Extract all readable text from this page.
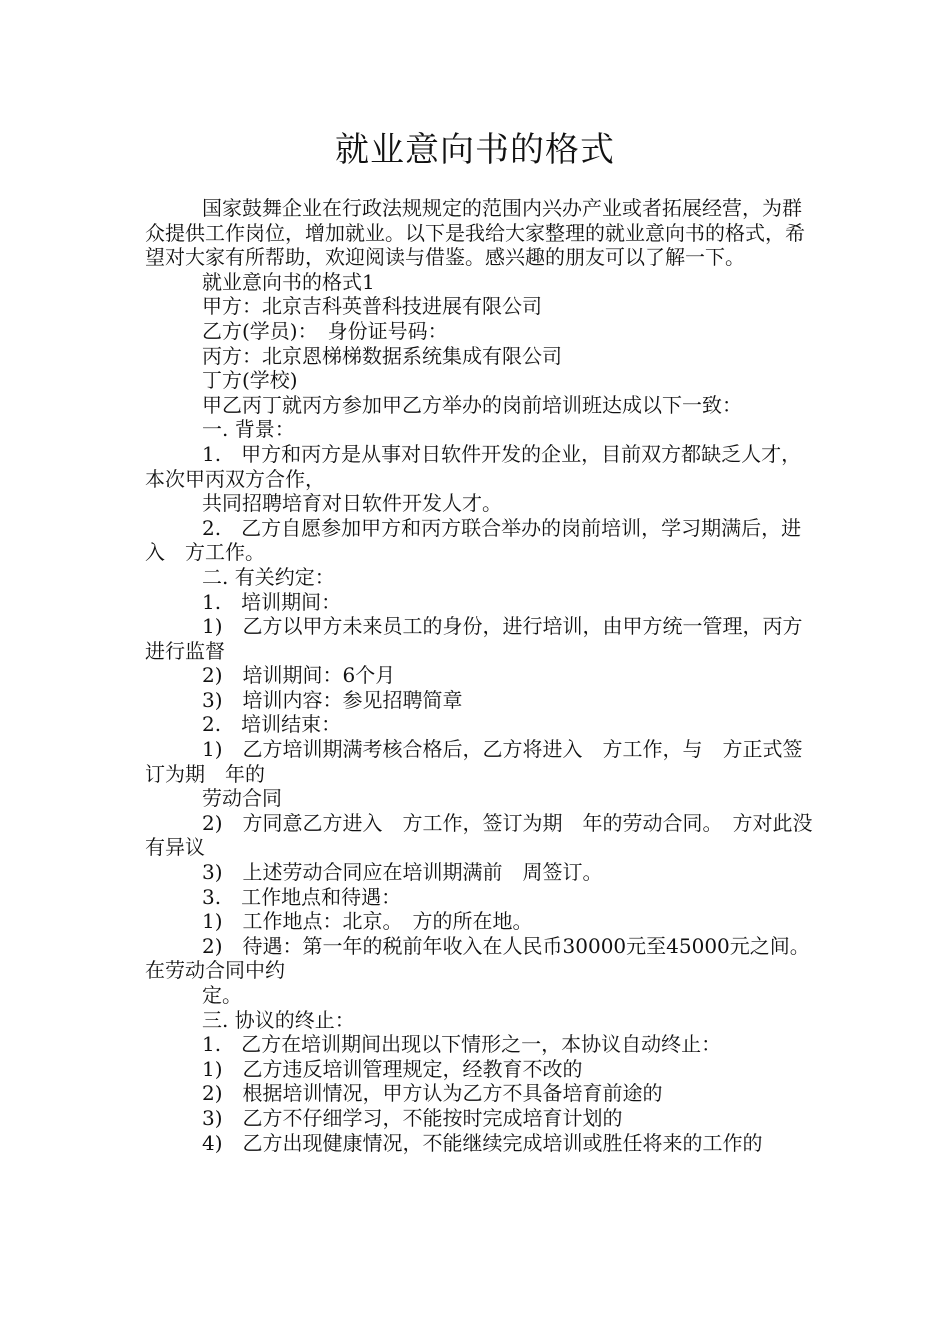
就业意向书的格式

国家鼓舞企业在行政法规规定的范围内兴办产业或者拓展经营，为群众提供工作岗位，增加就业。以下是我给大家整理的就业意向书的格式，希望对大家有所帮助，欢迎阅读与借鉴。感兴趣的朋友可以了解一下。

就业意向书的格式1

甲方：北京吉科英普科技进展有限公司

乙方(学员)：　身份证号码：

丙方：北京恩梯梯数据系统集成有限公司

丁方(学校)

甲乙丙丁就丙方参加甲乙方举办的岗前培训班达成以下一致：

一. 背景：

1.　甲方和丙方是从事对日软件开发的企业，目前双方都缺乏人才，本次甲丙双方合作，

共同招聘培育对日软件开发人才。

2.　乙方自愿参加甲方和丙方联合举办的岗前培训，学习期满后，进入　方工作。

二. 有关约定：

1.　培训期间：

1)　乙方以甲方未来员工的身份，进行培训，由甲方统一管理，丙方进行监督

2)　培训期间：6个月

3)　培训内容：参见招聘简章

2.　培训结束：

1)　乙方培训期满考核合格后，乙方将进入　方工作，与　方正式签订为期　年的

劳动合同

2)　方同意乙方进入　方工作，签订为期　年的劳动合同。　方对此没有异议

3)　上述劳动合同应在培训期满前　周签订。

3.　工作地点和待遇：

1)　工作地点：北京。　方的所在地。

2)　待遇：第一年的税前年收入在人民币30000元至45000元之间。在劳动合同中约

定。

三. 协议的终止：

1.　乙方在培训期间出现以下情形之一，本协议自动终止：

1)　乙方违反培训管理规定，经教育不改的

2)　根据培训情况，甲方认为乙方不具备培育前途的

3)　乙方不仔细学习，不能按时完成培育计划的

4)　乙方出现健康情况，不能继续完成培训或胜任将来的工作的
